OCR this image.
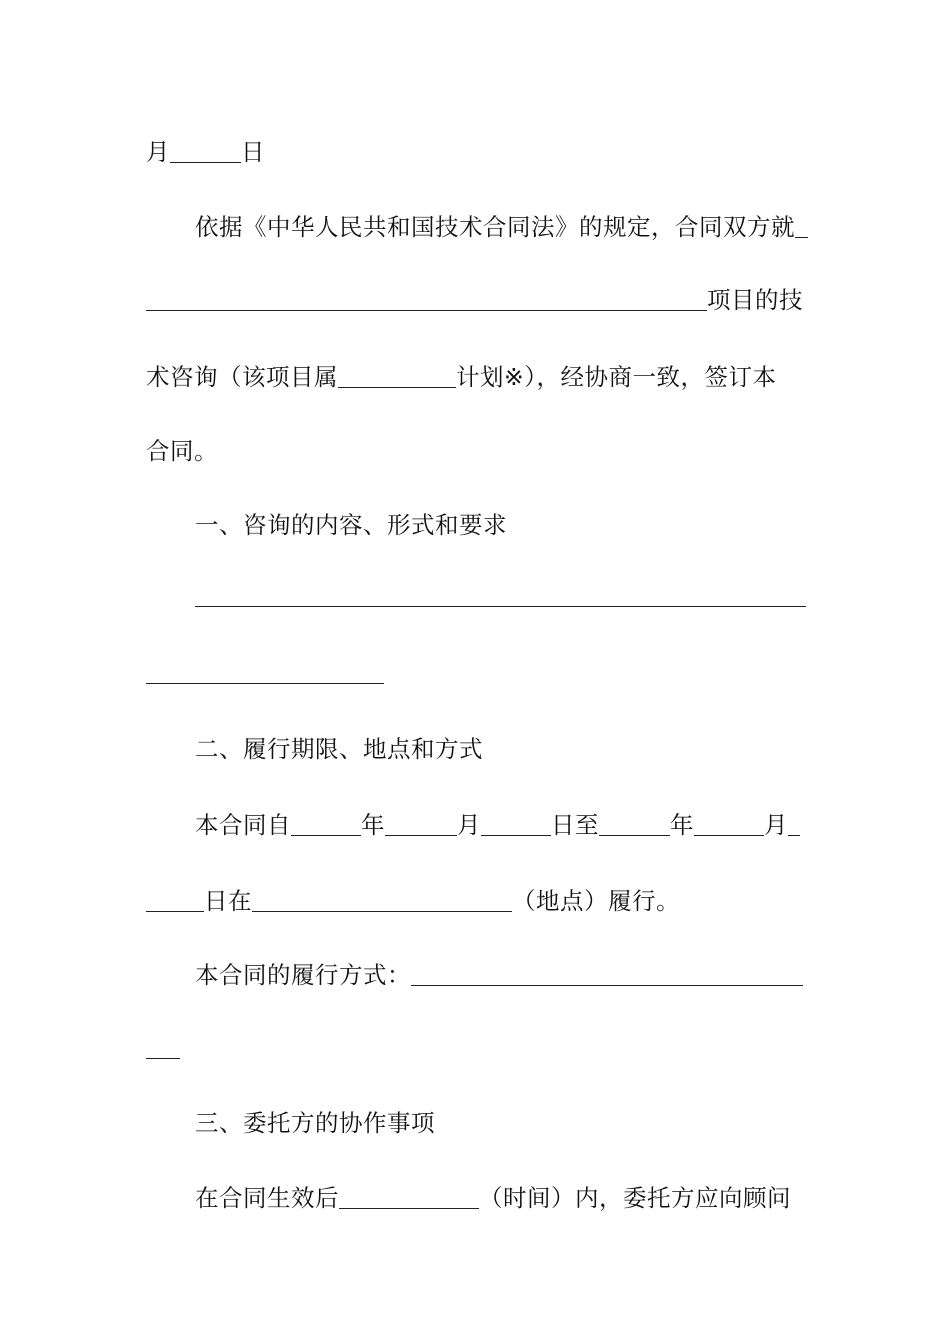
月	日
依据《中华人民共和国技术合同法》的规定，合同双方就
项目的技
术咨询（该项目属	计划※），经协商一致，签订本
合同。
一、咨询的内容、形式和要求
二、履行期限、地点和方式
本合同自	年	月	日至	年	月
日在	（地点）履行。
本合同的履行方式：
三、委托方的协作事项
在合同生效后	（时间）内，委托方应向顾问
